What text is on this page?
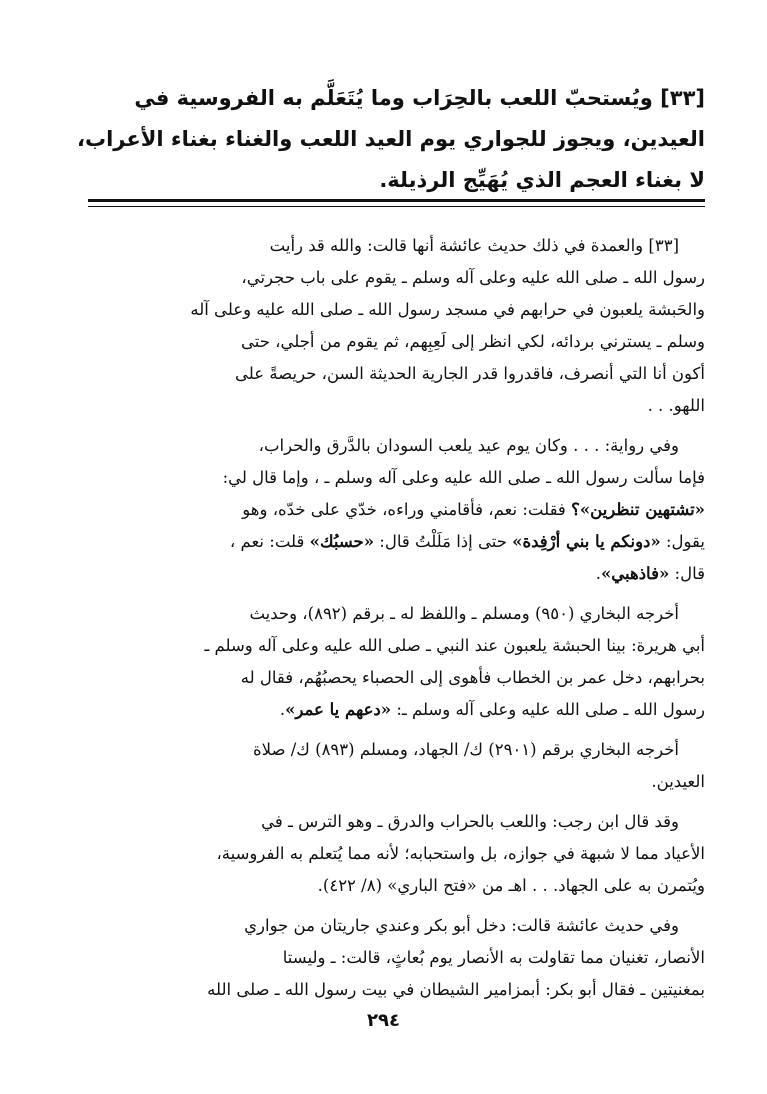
[٣٣] ويُستحبّ اللعب بالحِرَاب وما يُتَعَلَّم به الفروسية في
العيدين، ويجوز للجواري يوم العيد اللعب والغناء بغناء الأعراب،
لا بغناء العجم الذي يُهَيِّج الرذيلة.
[٣٣] والعمدة في ذلك حديث عائشة أنها قالت: والله قد رأيت
رسول الله ـ صلى الله عليه وعلى آله وسلم ـ يقوم على باب حجرتي،
والحَبشة يلعبون في حرابهم في مسجد رسول الله ـ صلى الله عليه وعلى آله
وسلم ـ يسترني بردائه، لكي انظر إلى لَعِبِهم، ثم يقوم من أجلي، حتى
أكون أنا التي أنصرف، فاقدروا قدر الجارية الحديثة السن، حريصةً على
اللهو. . .
وفي رواية: . . . وكان يوم عيد يلعب السودان بالدَّرق والحراب،
فإما سألت رسول الله ـ صلى الله عليه وعلى آله وسلم ـ ، وإما قال لي:
«تشتهين تنظرين»؟ فقلت: نعم، فأقامني وراءه، خدّي على خدّه، وهو
يقول: «دونكم يا بني أرْفِدة» حتى إذا مَلَلْتُ قال: «حسبُك» قلت: نعم ،
قال: «فاذهبي».
أخرجه البخاري (٩٥٠) ومسلم ـ واللفظ له ـ برقم (٨٩٢)، وحديث
أبي هريرة: بينا الحبشة يلعبون عند النبي ـ صلى الله عليه وعلى آله وسلم ـ
بحرابهم، دخل عمر بن الخطاب فأهوى إلى الحصباء يحصبُهُم، فقال له
رسول الله ـ صلى الله عليه وعلى آله وسلم ـ: «دعهم يا عمر».
أخرجه البخاري برقم (٢٩٠١) ك/ الجهاد، ومسلم (٨٩٣) ك/ صلاة
العيدين.
وقد قال ابن رجب: واللعب بالحراب والدرق ـ وهو الترس ـ في
الأعياد مما لا شبهة في جوازه، بل واستحبابه؛ لأنه مما يُتعلم به الفروسية،
ويُتمرن به على الجهاد. . . اهـ من «فتح الباري» (٨/ ٤٢٢).
وفي حديث عائشة قالت: دخل أبو بكر وعندي جاريتان من جواري
الأنصار، تغنيان مما تقاولت به الأنصار يوم بُعاثٍ، قالت: ـ وليستا
بمغنيتين ـ فقال أبو بكر: أبمزامير الشيطان في بيت رسول الله ـ صلى الله
٢٩٤
